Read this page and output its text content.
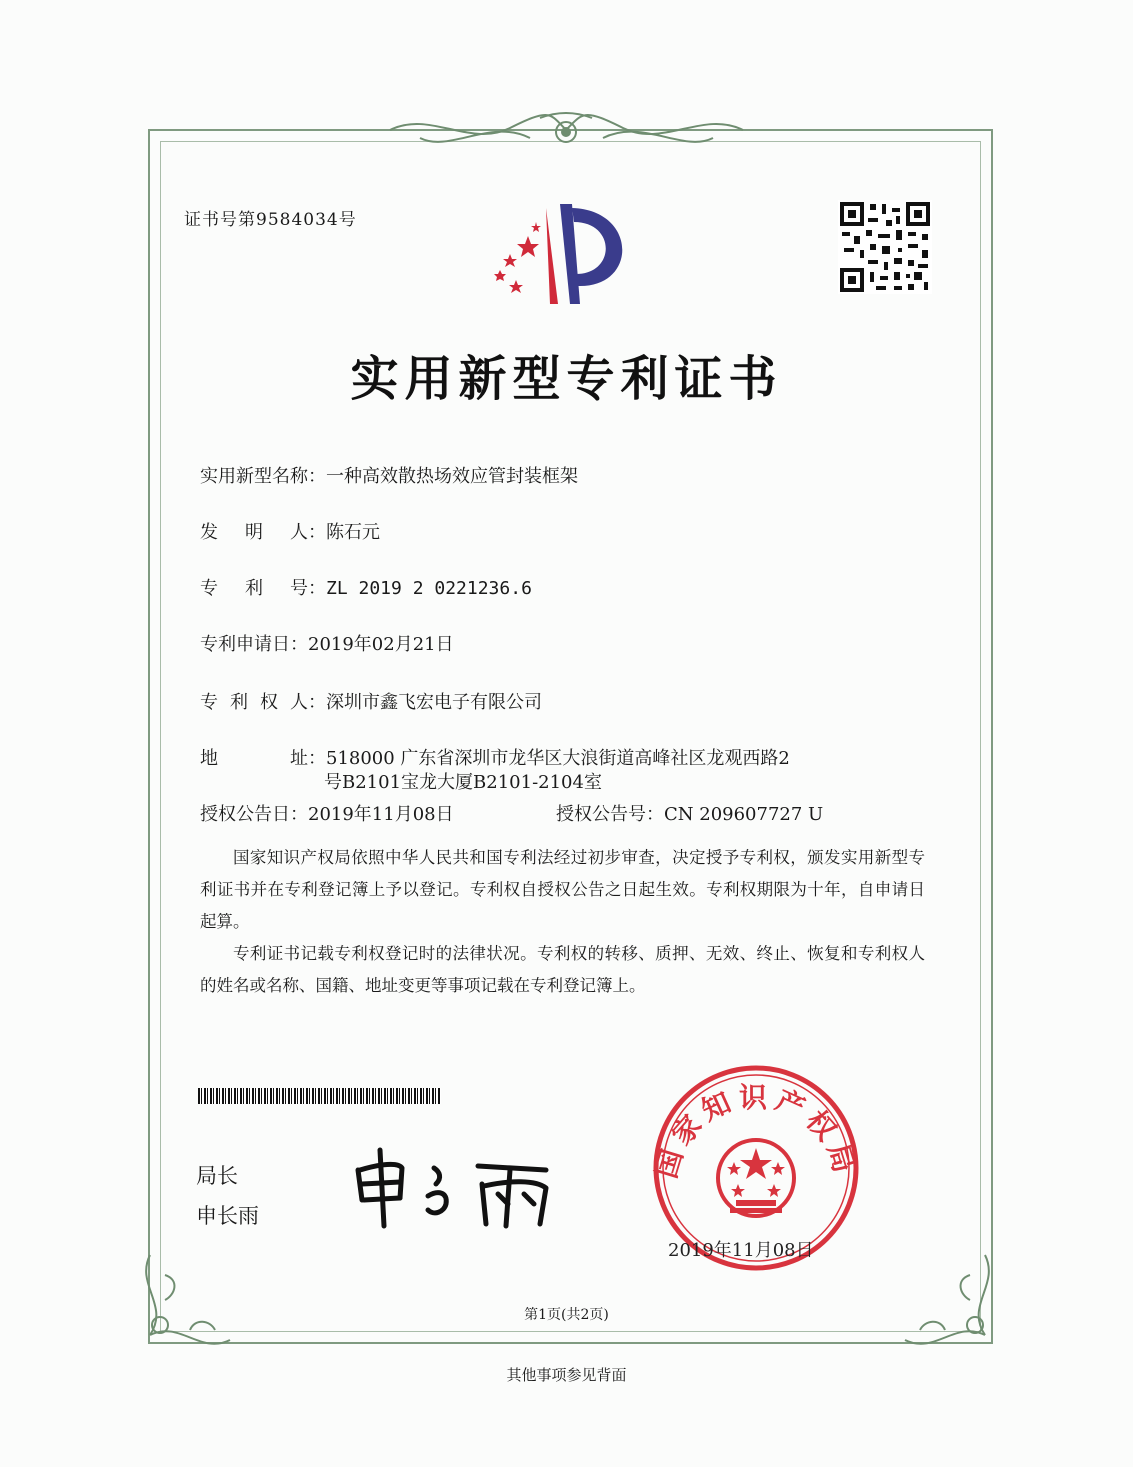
证书号第9584034号
实用新型专利证书
实用新型名称：一种高效散热场效应管封装框架
发 明 人 ：陈石元
专 利 号 ：ZL 2019 2 0221236.6
专利申请日：2019年02月21日
专 利 权 人 ：深圳市鑫飞宏电子有限公司
地	址 ：518000 广东省深圳市龙华区大浪街道高峰社区龙观西路2
号B2101宝龙大厦B2101-2104室
授权公告日：2019年11月08日	授权公告号：CN 209607727 U
国家知识产权局依照中华人民共和国专利法经过初步审查，决定授予专利权，颁发实用新型专利证书并在专利登记簿上予以登记。专利权自授权公告之日起生效。专利权期限为十年，自申请日起算。
专利证书记载专利权登记时的法律状况。专利权的转移、质押、无效、终止、恢复和专利权人的姓名或名称、国籍、地址变更等事项记载在专利登记簿上。
局长
申长雨
国家知识产权局
2019年11月08日
第1页(共2页)
其他事项参见背面
